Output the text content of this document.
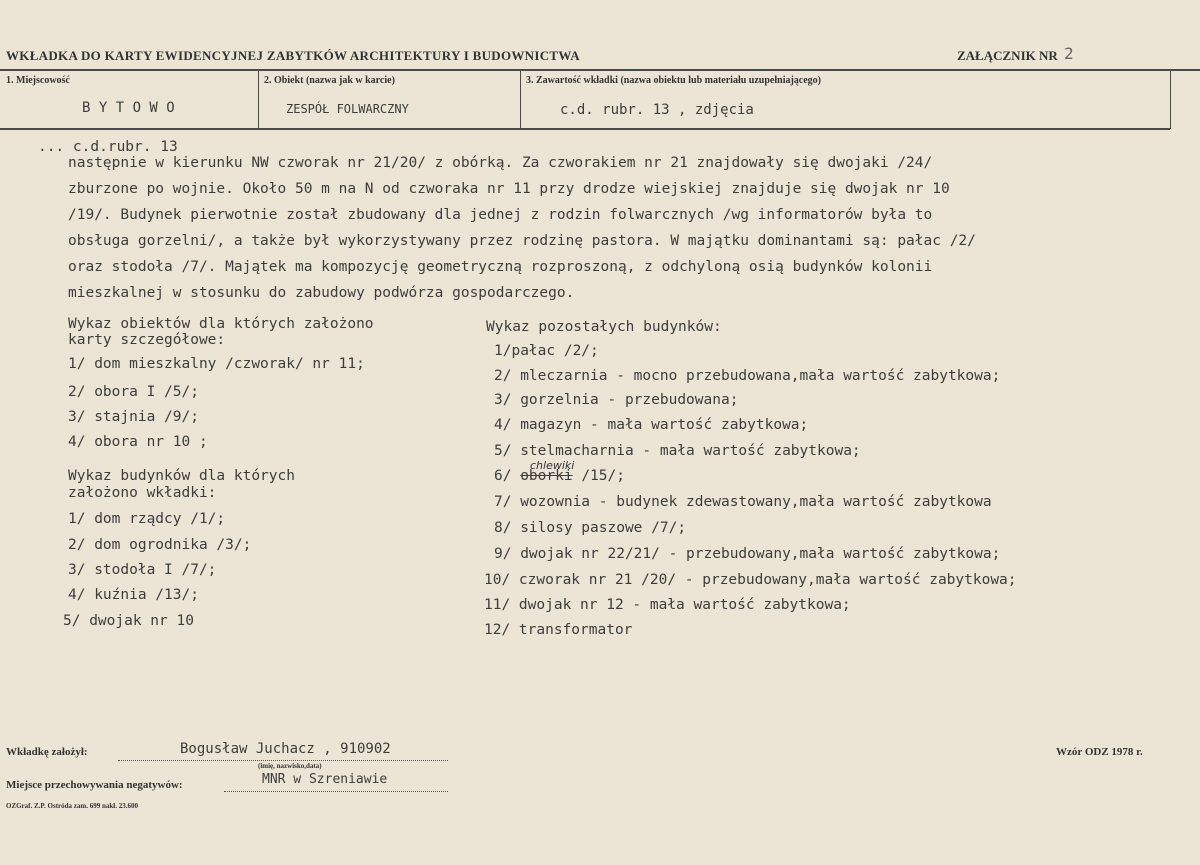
WKŁADKA DO KARTY EWIDENCYJNEJ ZABYTKÓW ARCHITEKTURY I BUDOWNICTWA	ZAŁĄCZNIK NR 2
1. Miejscowość
B Y T O W O
2. Obiekt (nazwa jak w karcie)
ZESPÓŁ FOLWARCZNY
3. Zawartość wkładki (nazwa obiektu lub materiału uzupełniającego)
c.d. rubr. 13 , zdjęcia
... c.d.rubr. 13
następnie w kierunku NW czworak nr 21/20/ z obórką. Za czworakiem nr 21 znajdowały się dwojaki /24/
zburzone po wojnie. Około 50 m na N od czworaka nr 11 przy drodze wiejskiej znajduje się dwojak nr 10
/19/. Budynek pierwotnie został zbudowany dla jednej z rodzin folwarcznych /wg informatorów była to
obsługa gorzelni/, a także był wykorzystywany przez rodzinę pastora. W majątku dominantami są: pałac /2/
oraz stodoła /7/. Majątek ma kompozycję geometryczną rozproszoną, z odchyloną osią budynków kolonii
mieszkalnej w stosunku do zabudowy podwórza gospodarczego.

Wykaz obiektów dla których założono

karty szczegółowe:

1/ dom mieszkalny /czworak/ nr 11;

2/ obora I /5/;

3/ stajnia /9/;

4/ obora nr 10 ;

Wykaz budynków dla których

założono wkładki:

1/ dom rządcy /1/;

2/ dom ogrodnika /3/;

3/ stodoła I /7/;

4/ kuźnia /13/;

5/ dwojak nr 10

Wykaz pozostałych budynków:

1/pałac /2/;

2/ mleczarnia - mocno przebudowana,mała wartość zabytkowa;

3/ gorzelnia - przebudowana;

4/ magazyn - mała wartość zabytkowa;

5/ stelmacharnia - mała wartość zabytkowa;

6/ oborki /15/;

7/ wozownia - budynek zdewastowany,mała wartość zabytkowa

8/ silosy paszowe /7/;

9/ dwojak nr 22/21/ - przebudowany,mała wartość zabytkowa;

10/ czworak nr 21 /20/ - przebudowany,mała wartość zabytkowa;

11/ dwojak nr 12 - mała wartość zabytkowa;

12/ transformator

chlewiki
Wkładkę założył:	Bogusław Juchacz , 910902
(imię, nazwisko,data)
Miejsce przechowywania negatywów:	MNR w Szreniawie
Wzór ODZ 1978 r.
OZGraf. Z.P. Ostróda zam. 699 nakł. 23.600
